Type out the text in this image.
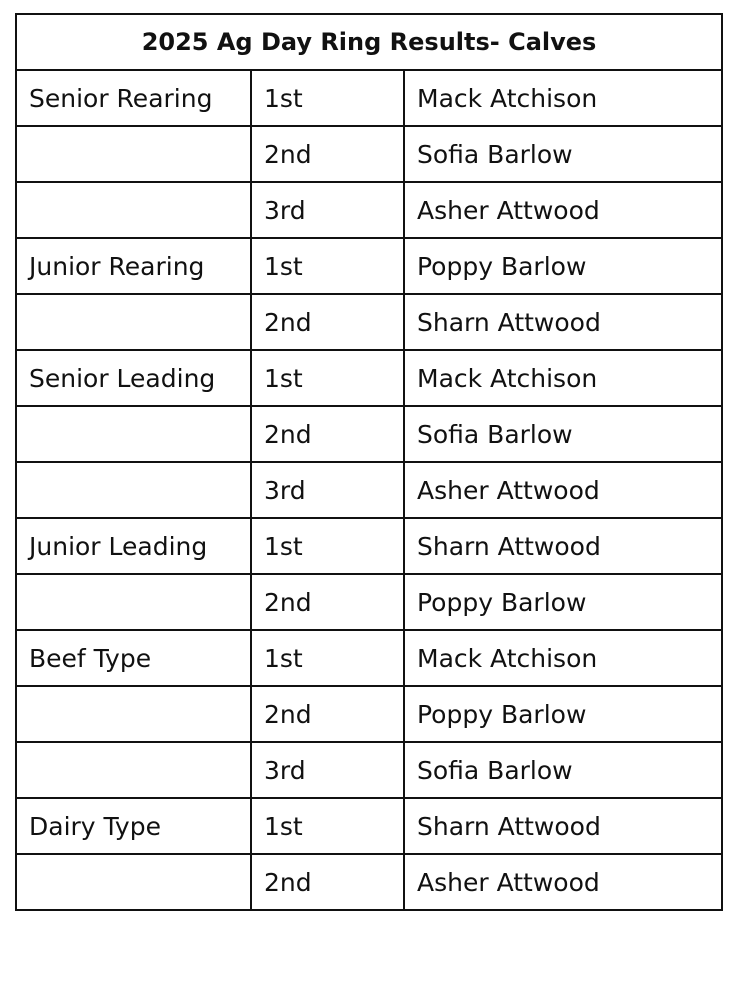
2025 Ag Day Ring Results- Calves		
Senior Rearing	1st	Mack Atchison
	2nd	Sofia Barlow
	3rd	Asher Attwood
Junior Rearing	1st	Poppy Barlow
	2nd	Sharn Attwood
Senior Leading	1st	Mack Atchison
	2nd	Sofia Barlow
	3rd	Asher Attwood
Junior Leading	1st	Sharn Attwood
	2nd	Poppy Barlow
Beef Type	1st	Mack Atchison
	2nd	Poppy Barlow
	3rd	Sofia Barlow
Dairy Type	1st	Sharn Attwood
	2nd	Asher Attwood
